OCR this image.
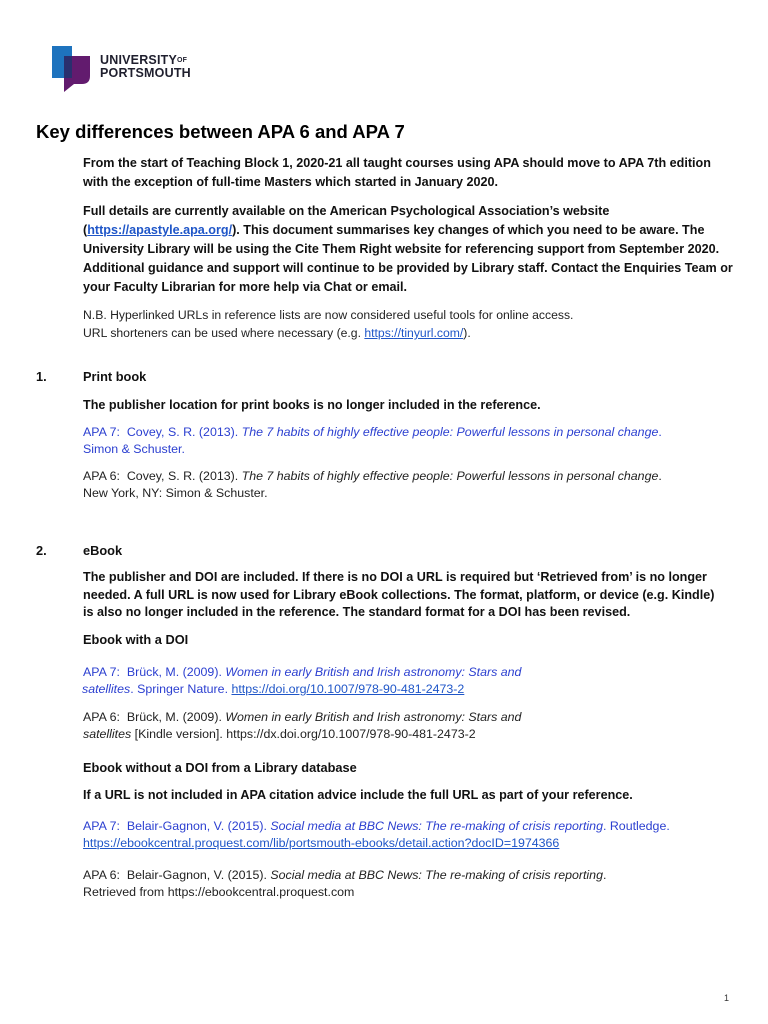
$UNIVERSITY^{OF}$
PORTSMOUTH
Key differences between APA 6 and APA 7
From the start of Teaching Block 1, 2020-21 all taught courses using APA should move to APA 7th edition with the exception of full-time Masters which started in January 2020.
Full details are currently available on the American Psychological Association’s website (https://apastyle.apa.org/). This document summarises key changes of which you need to be aware. The University Library will be using the Cite Them Right website for referencing support from September 2020. Additional guidance and support will continue to be provided by Library staff. Contact the Enquiries Team or your Faculty Librarian for more help via Chat or email.
N.B. Hyperlinked URLs in reference lists are now considered useful tools for online access.
URL shorteners can be used where necessary (e.g. https://tinyurl.com/).
1.	Print book
The publisher location for print books is no longer included in the reference.
APA 7: Covey, S. R. (2013). The 7 habits of highly effective people: Powerful lessons in personal change.
Simon & Schuster.
APA 6: Covey, S. R. (2013). The 7 habits of highly effective people: Powerful lessons in personal change.
New York, NY: Simon & Schuster.
2.	eBook
The publisher and DOI are included. If there is no DOI a URL is required but ‘Retrieved from’ is no longer needed. A full URL is now used for Library eBook collections. The format, platform, or device (e.g. Kindle) is also no longer included in the reference. The standard format for a DOI has been revised.
Ebook with a DOI
APA 7: Brück, M. (2009). Women in early British and Irish astronomy: Stars and
satellites. Springer Nature. https://doi.org/10.1007/978-90-481-2473-2
APA 6: Brück, M. (2009). Women in early British and Irish astronomy: Stars and
satellites [Kindle version]. https://dx.doi.org/10.1007/978-90-481-2473-2
Ebook without a DOI from a Library database
If a URL is not included in APA citation advice include the full URL as part of your reference.
APA 7: Belair-Gagnon, V. (2015). Social media at BBC News: The re-making of crisis reporting. Routledge.
https://ebookcentral.proquest.com/lib/portsmouth-ebooks/detail.action?docID=1974366
APA 6: Belair-Gagnon, V. (2015). Social media at BBC News: The re-making of crisis reporting.
Retrieved from https://ebookcentral.proquest.com
1
